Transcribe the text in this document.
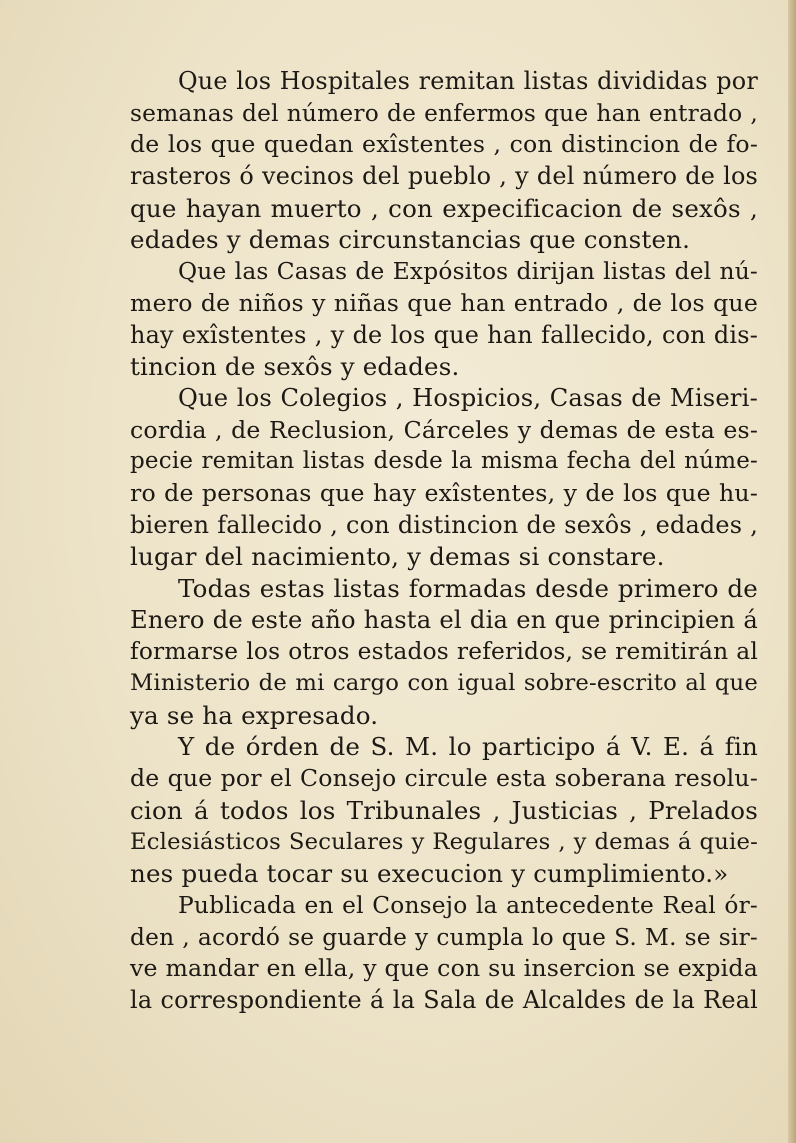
Que los Hospitales remitan listas divididas por
semanas del número de enfermos que han entrado ,
de los que quedan exîstentes , con distincion de fo-
rasteros ó vecinos del pueblo , y del número de los
que hayan muerto , con expecificacion de sexôs ,
edades y demas circunstancias que consten.
Que las Casas de Expósitos dirijan listas del nú-
mero de niños y niñas que han entrado , de los que
hay exîstentes , y de los que han fallecido, con dis-
tincion de sexôs y edades.
Que los Colegios , Hospicios, Casas de Miseri-
cordia , de Reclusion, Cárceles y demas de esta es-
pecie remitan listas desde la misma fecha del núme-
ro de personas que hay exîstentes, y de los que hu-
bieren fallecido , con distincion de sexôs , edades ,
lugar del nacimiento, y demas si constare.
Todas estas listas formadas desde primero de
Enero de este año hasta el dia en que principien á
formarse los otros estados referidos, se remitirán al
Ministerio de mi cargo con igual sobre-escrito al que
ya se ha expresado.
Y de órden de S. M. lo participo á V. E. á fin
de que por el Consejo circule esta soberana resolu-
cion á todos los Tribunales , Justicias , Prelados
Eclesiásticos Seculares y Regulares , y demas á quie-
nes pueda tocar su execucion y cumplimiento.»
Publicada en el Consejo la antecedente Real ór-
den , acordó se guarde y cumpla lo que S. M. se sir-
ve mandar en ella, y que con su insercion se expida
la correspondiente á la Sala de Alcaldes de la Real
